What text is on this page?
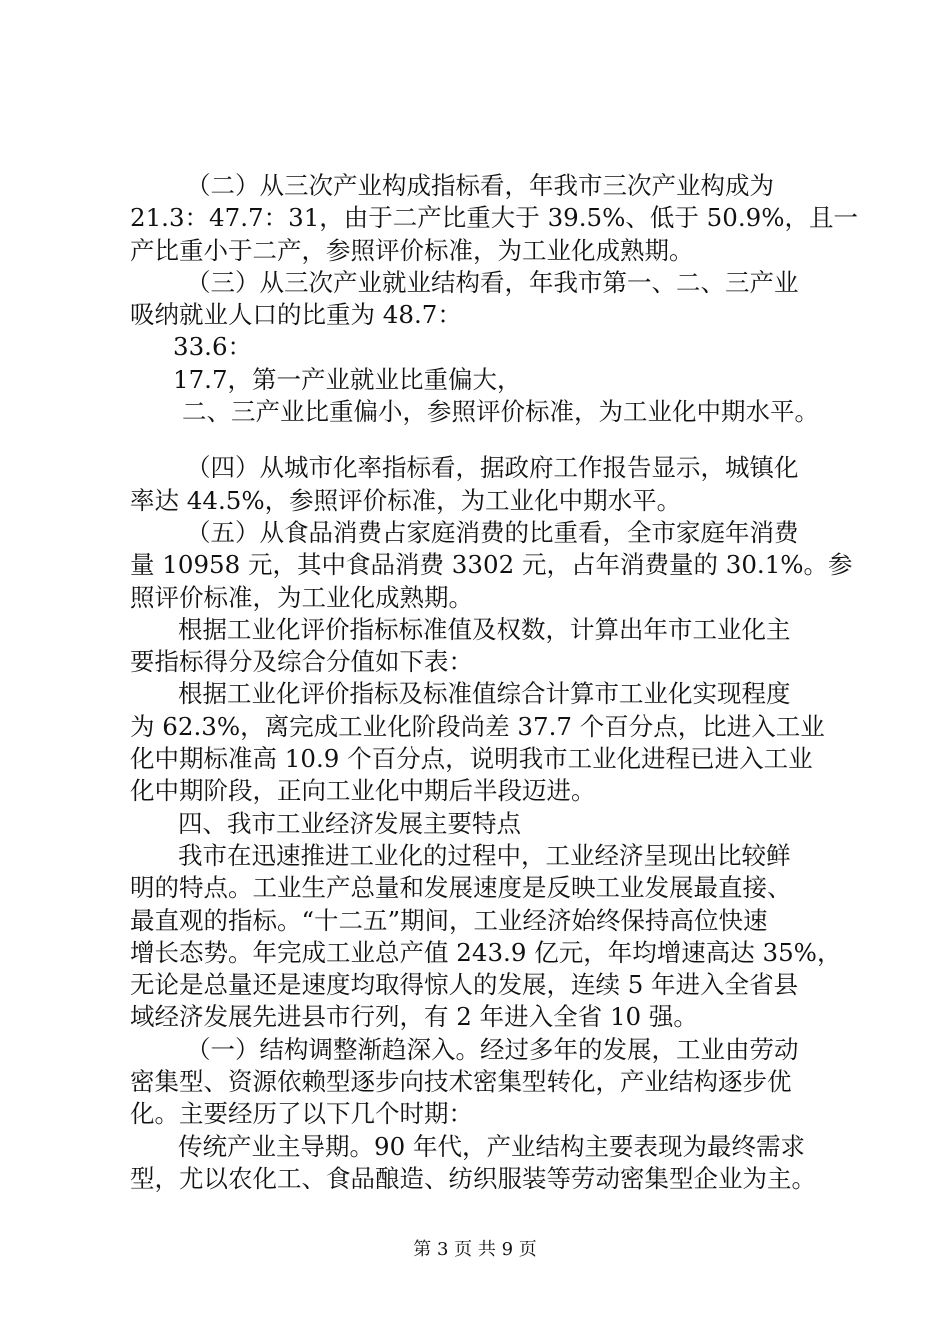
（二）从三次产业构成指标看，年我市三次产业构成为
21.3：47.7：31，由于二产比重大于 39.5%、低于 50.9%，且一
产比重小于二产，参照评价标准，为工业化成熟期。
（三）从三次产业就业结构看，年我市第一、二、三产业
吸纳就业人口的比重为 48.7：
33.6：
17.7，第一产业就业比重偏大，
二、三产业比重偏小，参照评价标准，为工业化中期水平。
（四）从城市化率指标看，据政府工作报告显示，城镇化
率达 44.5%，参照评价标准，为工业化中期水平。
（五）从食品消费占家庭消费的比重看，全市家庭年消费
量 10958 元，其中食品消费 3302 元，占年消费量的 30.1%。参
照评价标准，为工业化成熟期。
根据工业化评价指标标准值及权数，计算出年市工业化主
要指标得分及综合分值如下表：
根据工业化评价指标及标准值综合计算市工业化实现程度
为 62.3%，离完成工业化阶段尚差 37.7 个百分点，比进入工业
化中期标准高 10.9 个百分点，说明我市工业化进程已进入工业
化中期阶段，正向工业化中期后半段迈进。
四、我市工业经济发展主要特点
我市在迅速推进工业化的过程中，工业经济呈现出比较鲜
明的特点。工业生产总量和发展速度是反映工业发展最直接、
最直观的指标。“十二五”期间，工业经济始终保持高位快速
增长态势。年完成工业总产值 243.9 亿元，年均增速高达 35%，
无论是总量还是速度均取得惊人的发展，连续 5 年进入全省县
域经济发展先进县市行列，有 2 年进入全省 10 强。
（一）结构调整渐趋深入。经过多年的发展，工业由劳动
密集型、资源依赖型逐步向技术密集型转化，产业结构逐步优
化。主要经历了以下几个时期：
传统产业主导期。90 年代，产业结构主要表现为最终需求
型，尤以农化工、食品酿造、纺织服装等劳动密集型企业为主。
第 3 页 共 9 页
